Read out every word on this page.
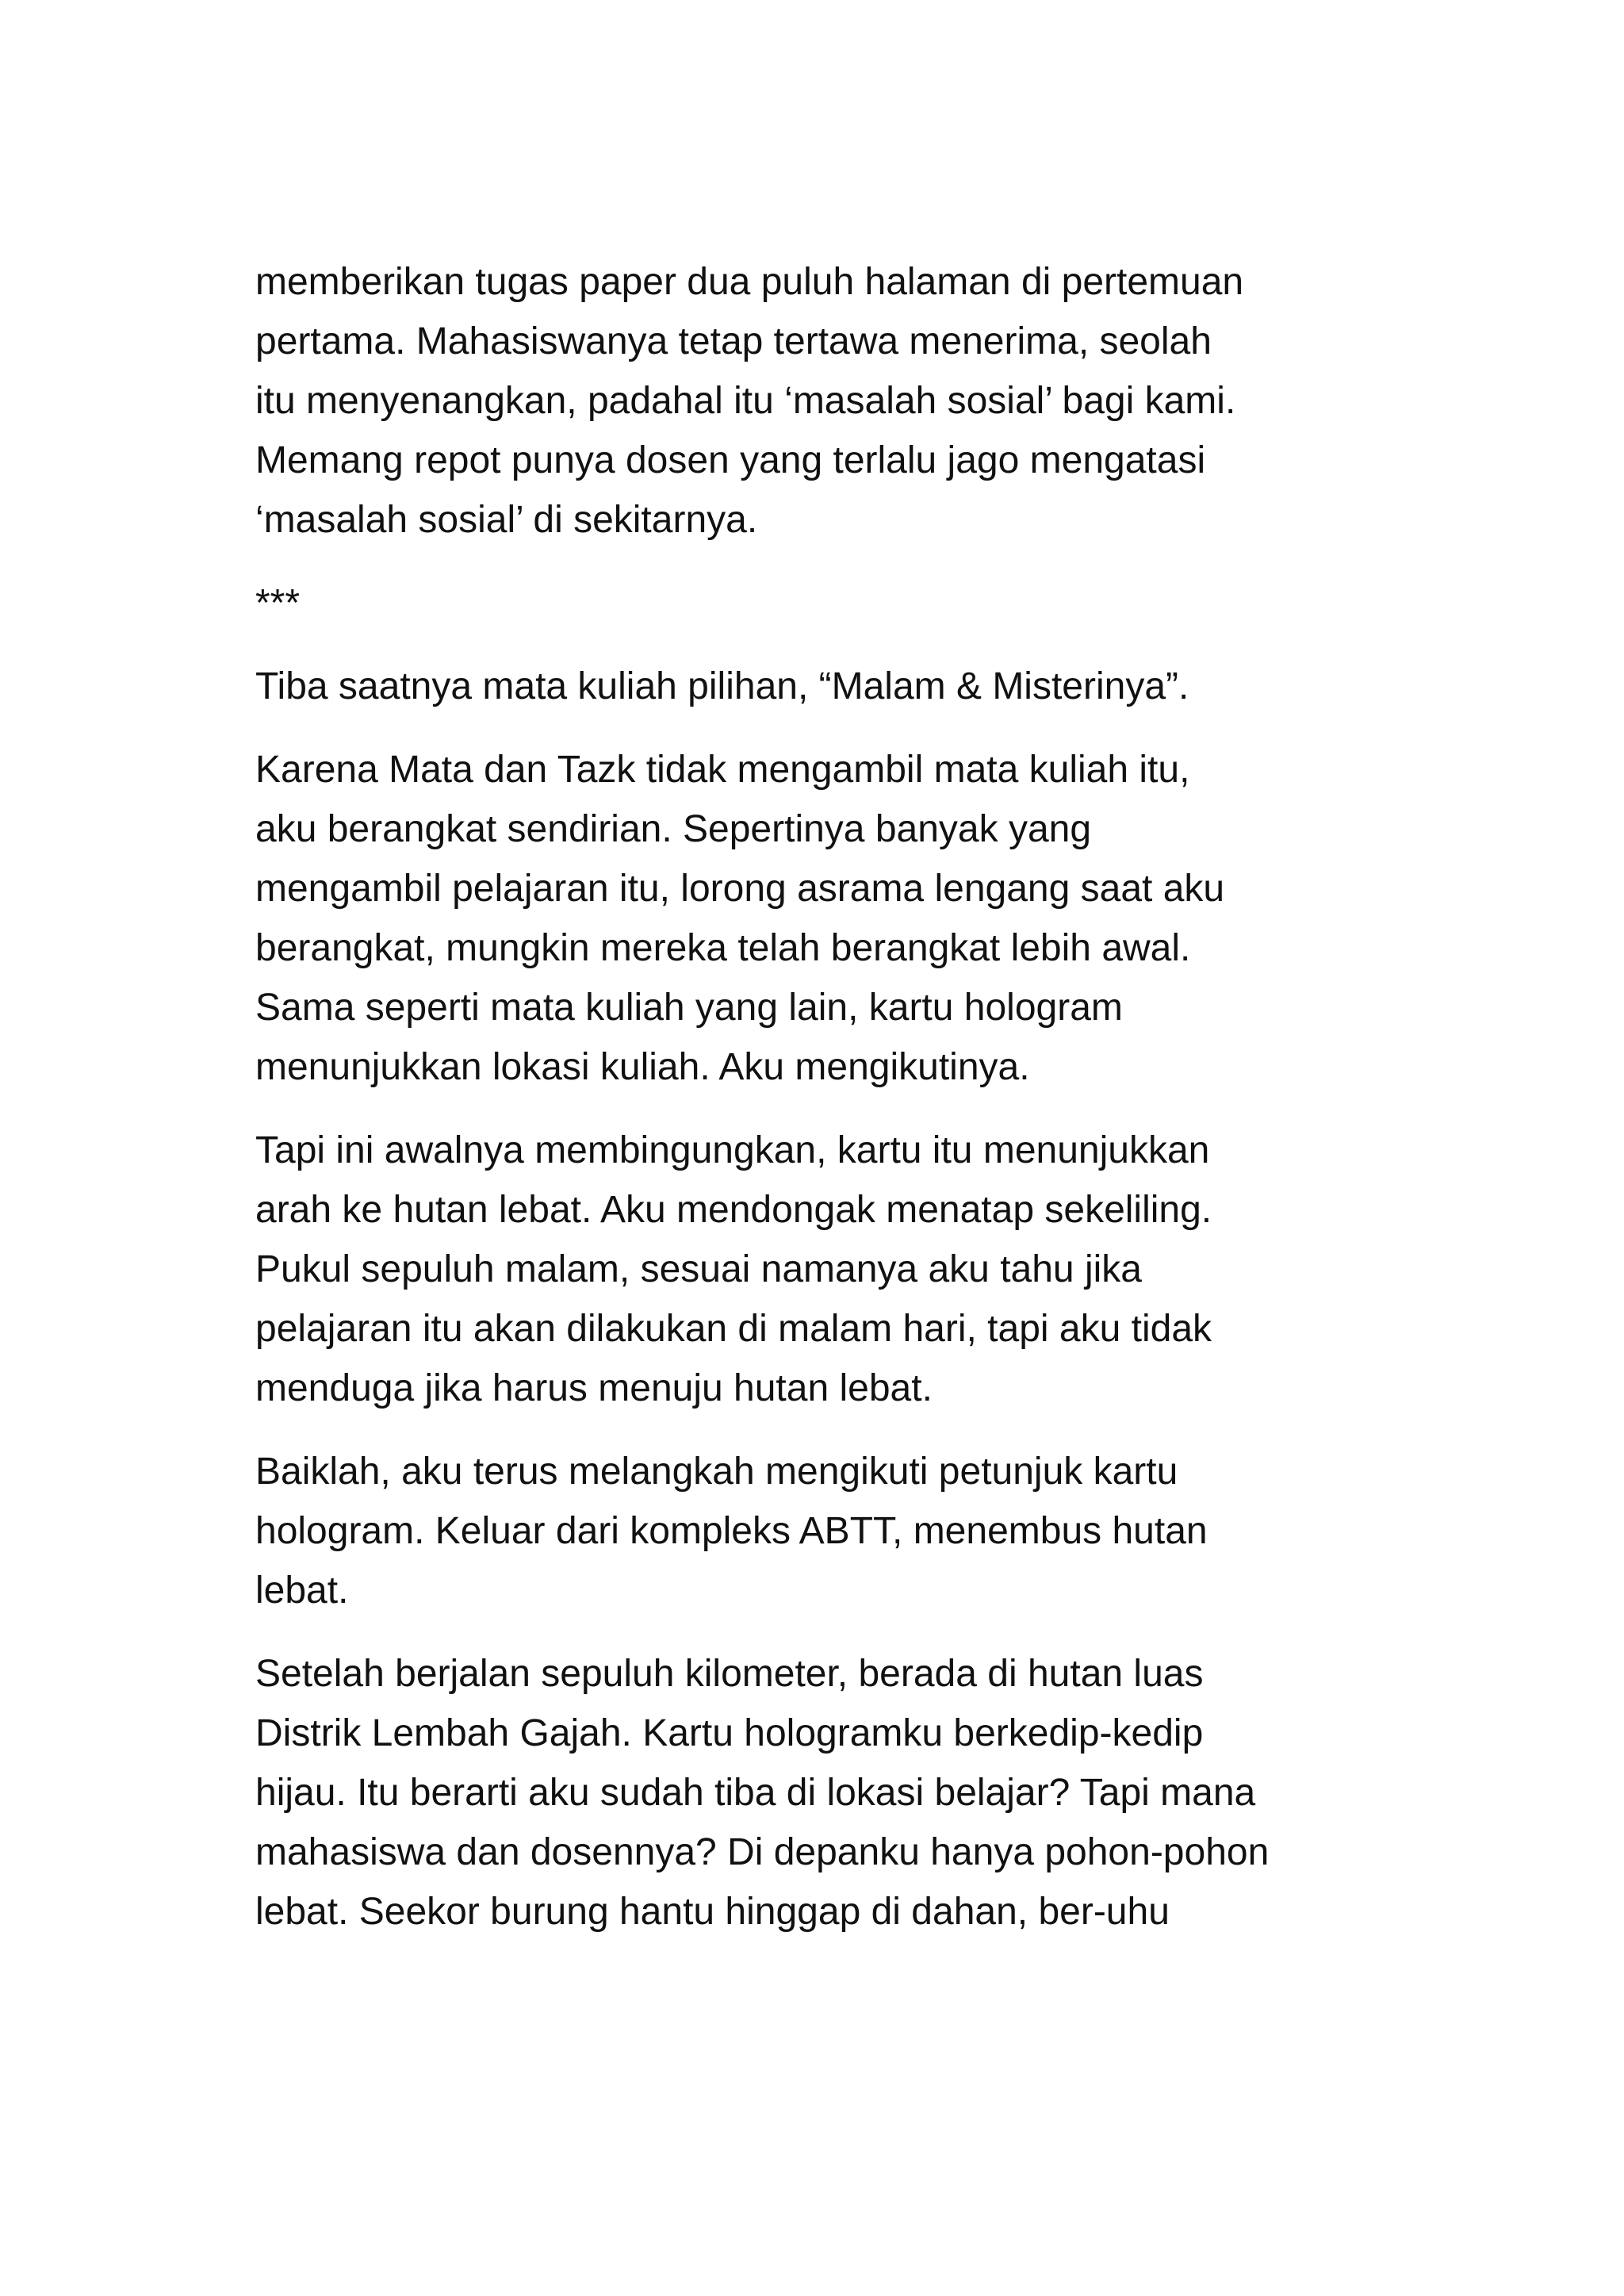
memberikan tugas paper dua puluh halaman di pertemuan
pertama. Mahasiswanya tetap tertawa menerima, seolah
itu menyenangkan, padahal itu ‘masalah sosial’ bagi kami.
Memang repot punya dosen yang terlalu jago mengatasi
‘masalah sosial’ di sekitarnya.

***

Tiba saatnya mata kuliah pilihan, “Malam & Misterinya”.

Karena Mata dan Tazk tidak mengambil mata kuliah itu,
aku berangkat sendirian. Sepertinya banyak yang
mengambil pelajaran itu, lorong asrama lengang saat aku
berangkat, mungkin mereka telah berangkat lebih awal.
Sama seperti mata kuliah yang lain, kartu hologram
menunjukkan lokasi kuliah. Aku mengikutinya.

Tapi ini awalnya membingungkan, kartu itu menunjukkan
arah ke hutan lebat. Aku mendongak menatap sekeliling.
Pukul sepuluh malam, sesuai namanya aku tahu jika
pelajaran itu akan dilakukan di malam hari, tapi aku tidak
menduga jika harus menuju hutan lebat.

Baiklah, aku terus melangkah mengikuti petunjuk kartu
hologram. Keluar dari kompleks ABTT, menembus hutan
lebat.

Setelah berjalan sepuluh kilometer, berada di hutan luas
Distrik Lembah Gajah. Kartu hologramku berkedip-kedip
hijau. Itu berarti aku sudah tiba di lokasi belajar? Tapi mana
mahasiswa dan dosennya? Di depanku hanya pohon-pohon
lebat. Seekor burung hantu hinggap di dahan, ber-uhu
